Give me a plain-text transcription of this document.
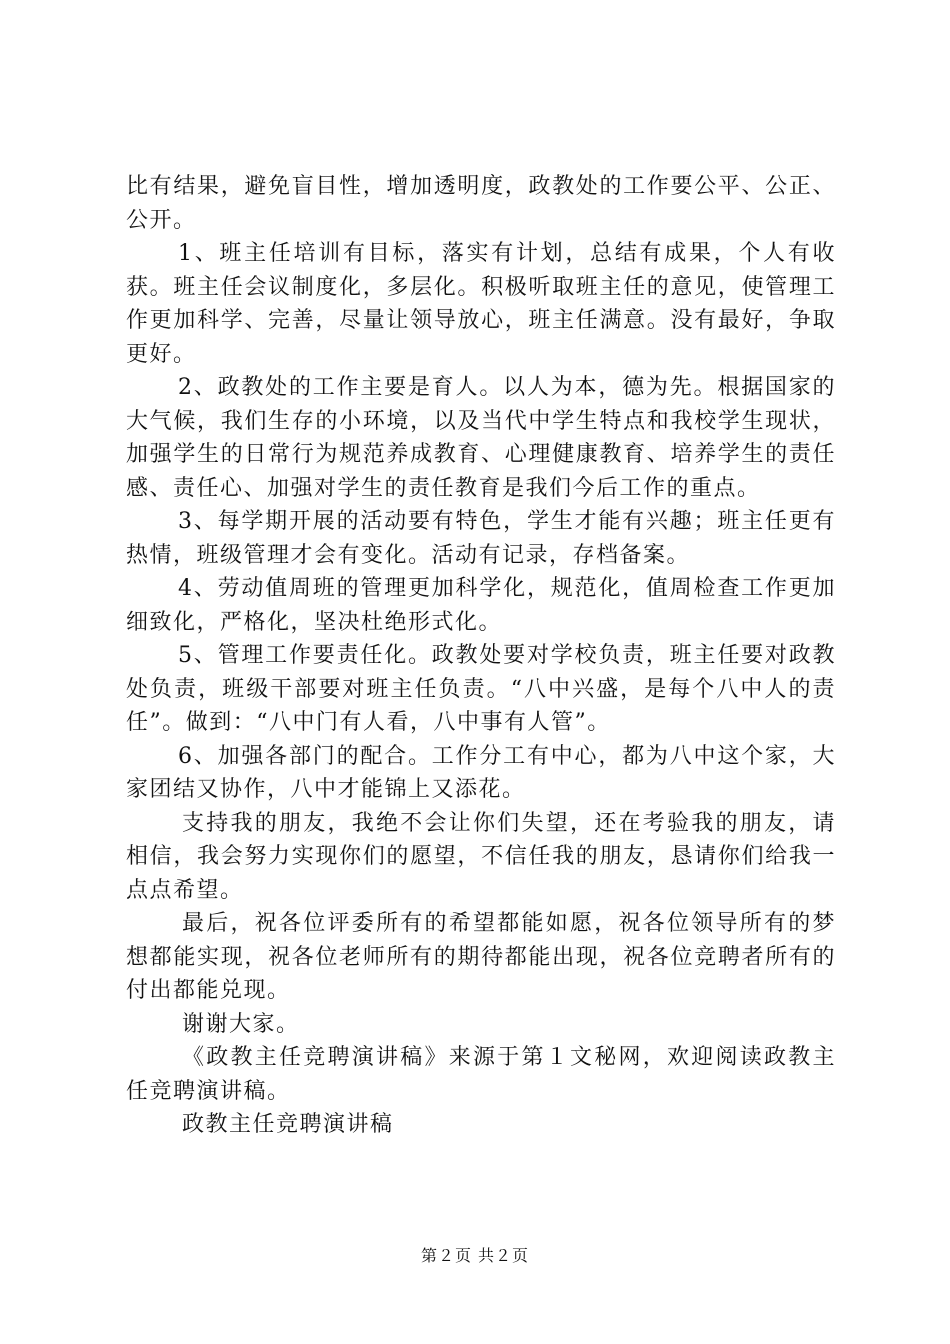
比有结果，避免盲目性，增加透明度，政教处的工作要公平、公正、公开。

1、班主任培训有目标，落实有计划，总结有成果，个人有收获。班主任会议制度化，多层化。积极听取班主任的意见，使管理工作更加科学、完善，尽量让领导放心，班主任满意。没有最好，争取更好。

2、政教处的工作主要是育人。以人为本，德为先。根据国家的大气候，我们生存的小环境，以及当代中学生特点和我校学生现状，加强学生的日常行为规范养成教育、心理健康教育、培养学生的责任感、责任心、加强对学生的责任教育是我们今后工作的重点。

3、每学期开展的活动要有特色，学生才能有兴趣；班主任更有热情，班级管理才会有变化。活动有记录，存档备案。

4、劳动值周班的管理更加科学化，规范化，值周检查工作更加细致化，严格化，坚决杜绝形式化。

5、管理工作要责任化。政教处要对学校负责，班主任要对政教处负责，班级干部要对班主任负责。“八中兴盛，是每个八中人的责任”。做到：“八中门有人看，八中事有人管”。

6、加强各部门的配合。工作分工有中心，都为八中这个家，大家团结又协作，八中才能锦上又添花。

支持我的朋友，我绝不会让你们失望，还在考验我的朋友，请相信，我会努力实现你们的愿望，不信任我的朋友，恳请你们给我一点点希望。

最后，祝各位评委所有的希望都能如愿，祝各位领导所有的梦想都能实现，祝各位老师所有的期待都能出现，祝各位竞聘者所有的付出都能兑现。

谢谢大家。

《政教主任竞聘演讲稿》来源于第１文秘网，欢迎阅读政教主任竞聘演讲稿。

政教主任竞聘演讲稿

第２页 共２页
